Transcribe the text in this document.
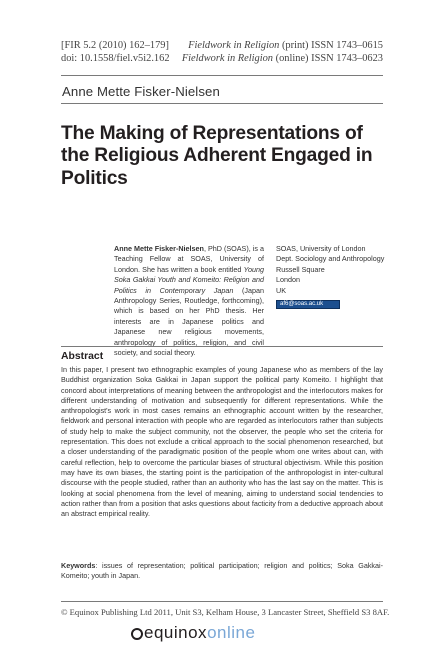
[FIR 5.2 (2010) 162–179]
doi: 10.1558/fiel.v5i2.162
Fieldwork in Religion (print) ISSN 1743–0615
Fieldwork in Religion (online) ISSN 1743–0623
Anne Mette Fisker-Nielsen
The Making of Representations of the Religious Adherent Engaged in Politics
Anne Mette Fisker-Nielsen, PhD (SOAS), is a Teaching Fellow at SOAS, University of London. She has written a book entitled Young Soka Gakkai Youth and Komeito: Religion and Politics in Contemporary Japan (Japan Anthropology Series, Routledge, forthcoming), which is based on her PhD thesis. Her interests are in Japanese politics and Japanese new religious movements, anthropology of politics, religion, and civil society, and social theory.
SOAS, University of London
Dept. Sociology and Anthropology
Russell Square
London
UK
af6@soas.ac.uk
Abstract
In this paper, I present two ethnographic examples of young Japanese who as members of the lay Buddhist organization Soka Gakkai in Japan support the political party Komeito. I highlight that concord about interpretations of meaning between the anthropologist and the interlocutors makes for different understanding of motivation and subsequently for different representations. While the anthropologist's work in most cases remains an ethnographic account written by the researcher, fieldwork and personal interaction with people who are regarded as interlocutors rather than subjects of study help to make the subject community, not the observer, the people who set the criteria for representation. This does not exclude a critical approach to the social phenomenon researched, but a closer understanding of the paradigmatic position of the people whom one writes about can, with careful reflection, help to overcome the particular biases of structural objectivism. While this position may have its own biases, the starting point is the participation of the anthropologist in inter-cultural discourse with the people studied, rather than an authority who has the last say on the matter. This is looking at social phenomena from the level of meaning, aiming to understand social tendencies to action rather than from a position that asks questions about facticity from a deductive approach about an abstract empirical reality.
Keywords: issues of representation; political participation; religion and politics; Soka Gakkai-Komeito; youth in Japan.
© Equinox Publishing Ltd 2011, Unit S3, Kelham House, 3 Lancaster Street, Sheffield S3 8AF.
equinoxonline
